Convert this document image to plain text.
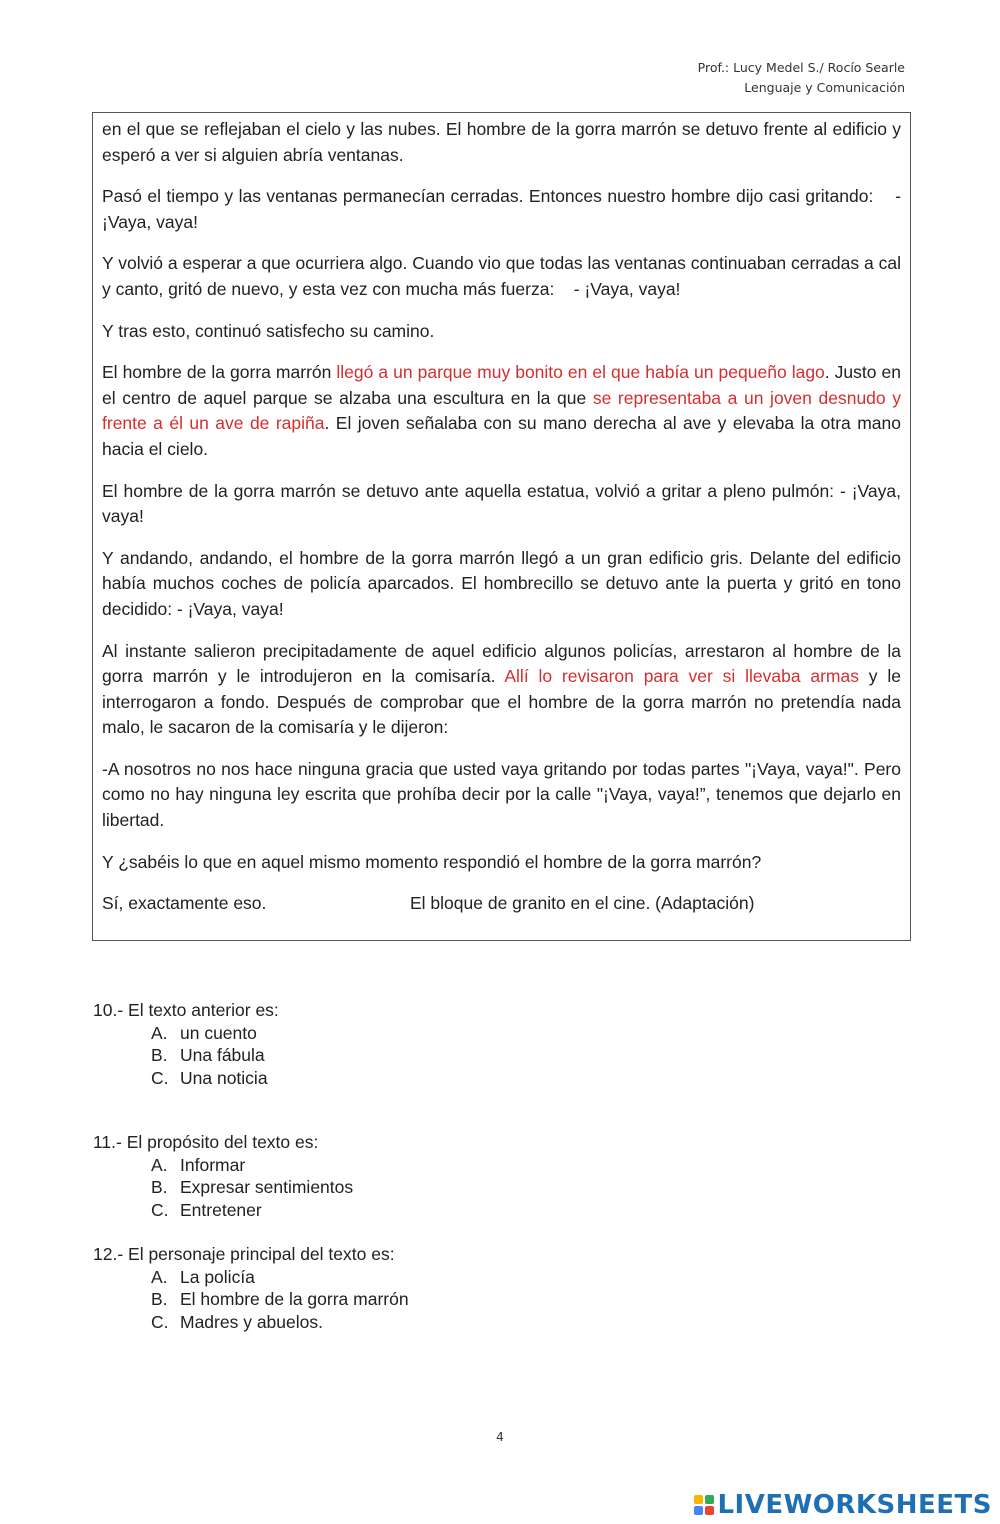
Prof.: Lucy Medel S./ Rocío Searle
Lenguaje y Comunicación

en el que se reflejaban el cielo y las nubes. El hombre de la gorra marrón se detuvo frente al edificio y esperó a ver si alguien abría ventanas.

Pasó el tiempo y las ventanas permanecían cerradas. Entonces nuestro hombre dijo casi gritando:    - ¡Vaya, vaya!

Y volvió a esperar a que ocurriera algo. Cuando vio que todas las ventanas continuaban cerradas a cal y canto, gritó de nuevo, y esta vez con mucha más fuerza:    - ¡Vaya, vaya!

Y tras esto, continuó satisfecho su camino.

El hombre de la gorra marrón llegó a un parque muy bonito en el que había un pequeño lago. Justo en el centro de aquel parque se alzaba una escultura en la que se representaba a un joven desnudo y frente a él un ave de rapiña. El joven señalaba con su mano derecha al ave y elevaba la otra mano hacia el cielo.

El hombre de la gorra marrón se detuvo ante aquella estatua, volvió a gritar a pleno pulmón: - ¡Vaya, vaya!

Y andando, andando, el hombre de la gorra marrón llegó a un gran edificio gris. Delante del edificio había muchos coches de policía aparcados. El hombrecillo se detuvo ante la puerta y gritó en tono decidido: - ¡Vaya, vaya!

Al instante salieron precipitadamente de aquel edificio algunos policías, arrestaron al hombre de la gorra marrón y le introdujeron en la comisaría. Allí lo revisaron para ver si llevaba armas y le interrogaron a fondo. Después de comprobar que el hombre de la gorra marrón no pretendía nada malo, le sacaron de la comisaría y le dijeron:

-A nosotros no nos hace ninguna gracia que usted vaya gritando por todas partes "¡Vaya, vaya!". Pero como no hay ninguna ley escrita que prohíba decir por la calle "¡Vaya, vaya!”, tenemos que dejarlo en    libertad.

Y ¿sabéis lo que en aquel mismo momento respondió el hombre de la gorra marrón?

Sí, exactamente eso.	El bloque de granito en el cine. (Adaptación)

10.- El texto anterior es:

A. un cuento
B. Una fábula
C. Una noticia

11.- El propósito del texto es:

A. Informar
B. Expresar sentimientos
C. Entretener

12.- El personaje principal del texto es:

A. La policía
B. El hombre de la gorra marrón
C. Madres y abuelos.
4
LIVEWORKSHEETS
